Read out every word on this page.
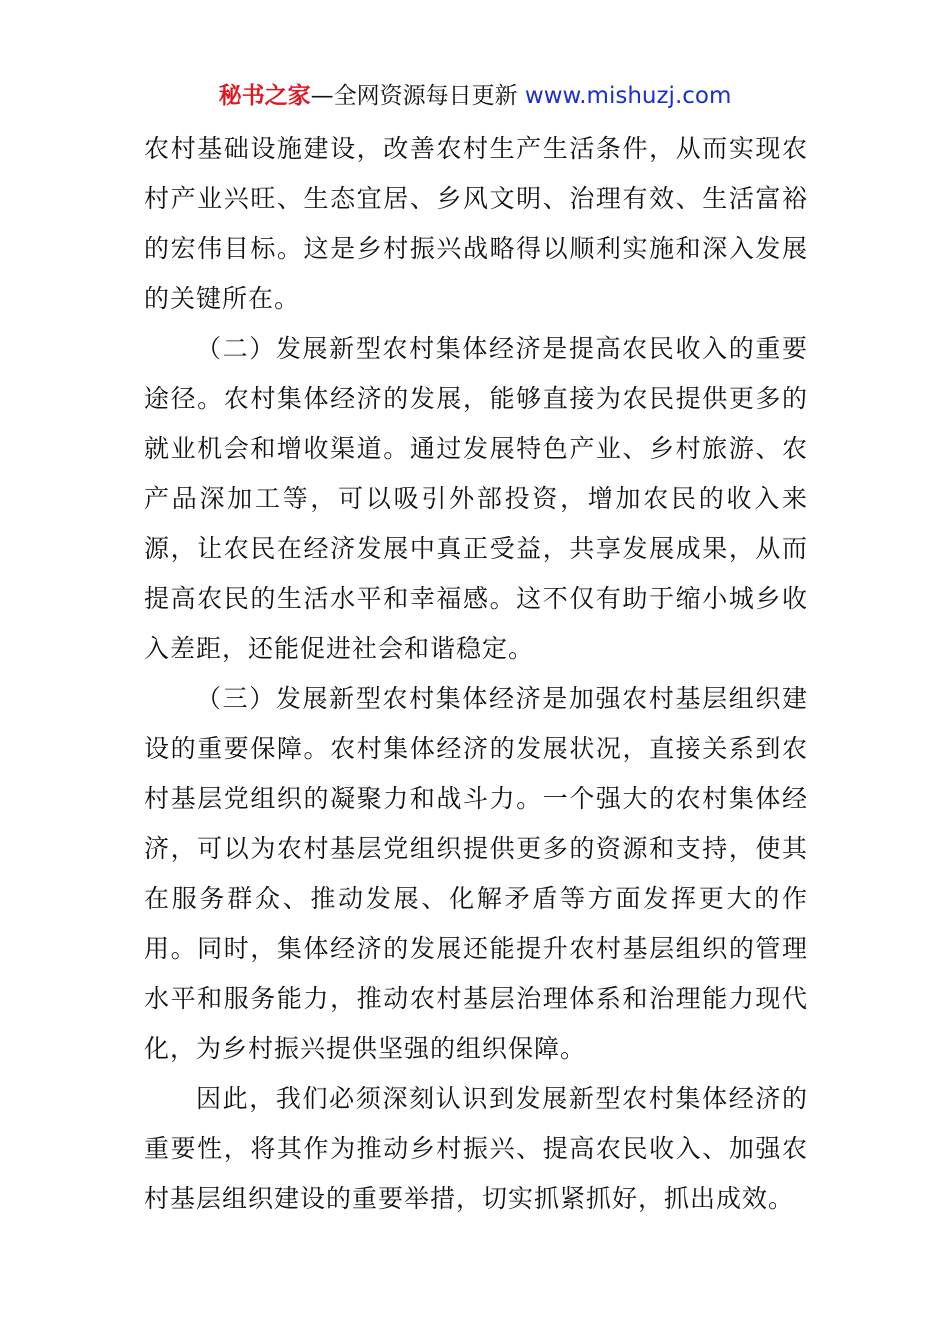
秘书之家—全网资源每日更新 www.mishuzj.com

农村基础设施建设，改善农村生产生活条件，从而实现农村产业兴旺、生态宜居、乡风文明、治理有效、生活富裕的宏伟目标。这是乡村振兴战略得以顺利实施和深入发展的关键所在。

（二）发展新型农村集体经济是提高农民收入的重要途径。农村集体经济的发展，能够直接为农民提供更多的就业机会和增收渠道。通过发展特色产业、乡村旅游、农产品深加工等，可以吸引外部投资，增加农民的收入来源，让农民在经济发展中真正受益，共享发展成果，从而提高农民的生活水平和幸福感。这不仅有助于缩小城乡收入差距，还能促进社会和谐稳定。

（三）发展新型农村集体经济是加强农村基层组织建设的重要保障。农村集体经济的发展状况，直接关系到农村基层党组织的凝聚力和战斗力。一个强大的农村集体经济，可以为农村基层党组织提供更多的资源和支持，使其在服务群众、推动发展、化解矛盾等方面发挥更大的作用。同时，集体经济的发展还能提升农村基层组织的管理水平和服务能力，推动农村基层治理体系和治理能力现代化，为乡村振兴提供坚强的组织保障。

因此，我们必须深刻认识到发展新型农村集体经济的重要性，将其作为推动乡村振兴、提高农民收入、加强农村基层组织建设的重要举措，切实抓紧抓好，抓出成效。
